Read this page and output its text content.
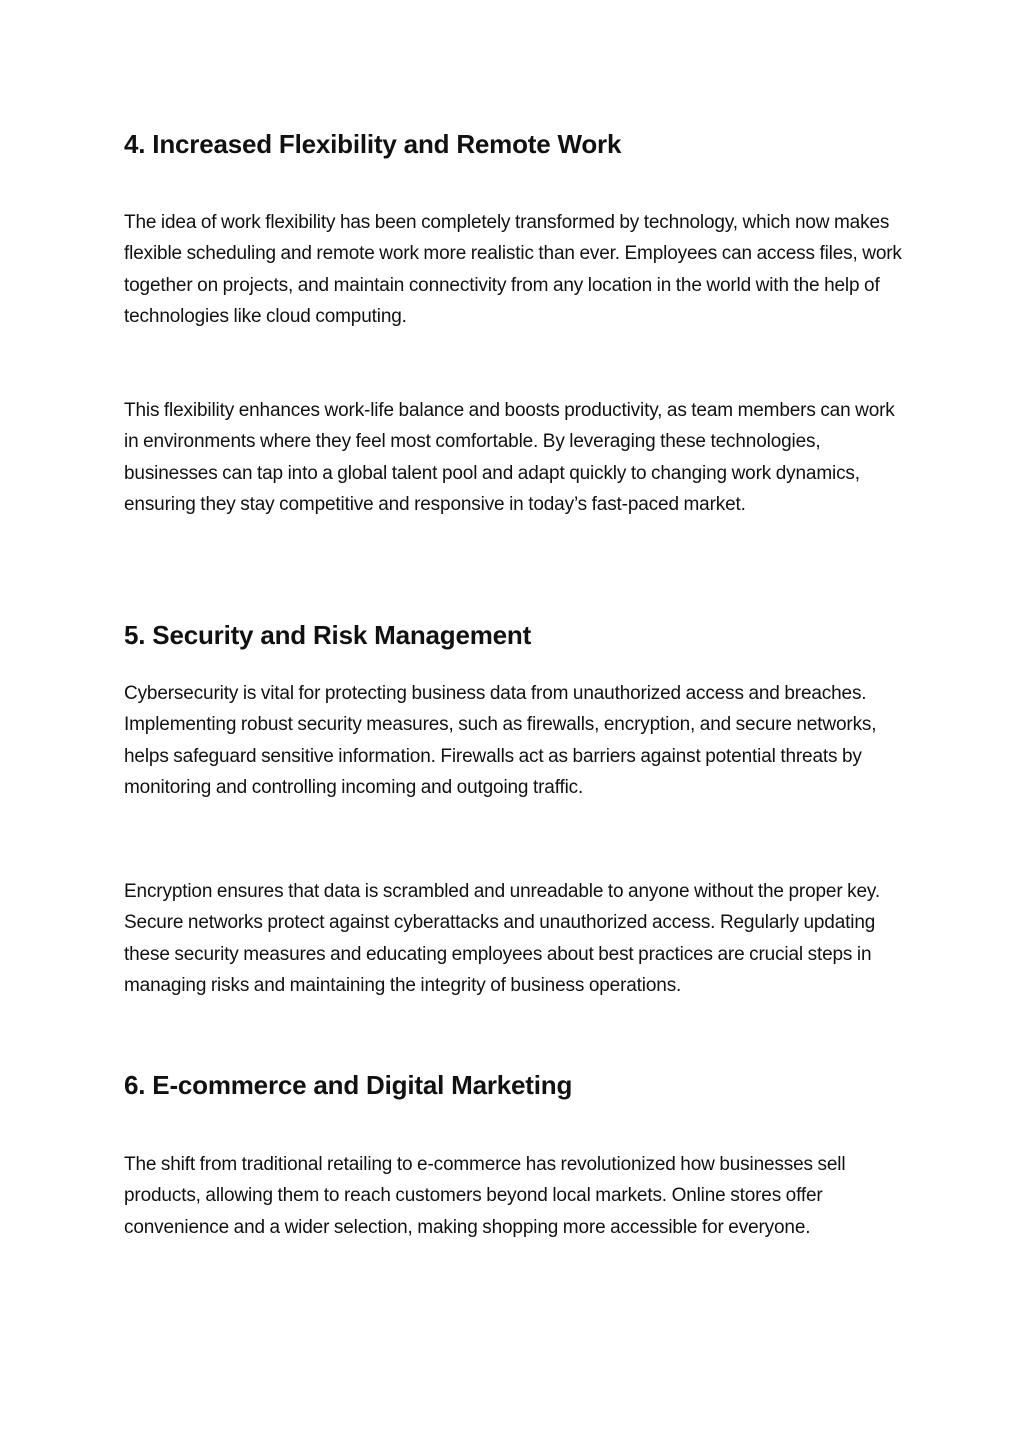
4. Increased Flexibility and Remote Work

The idea of work flexibility has been completely transformed by technology, which now makes flexible scheduling and remote work more realistic than ever. Employees can access files, work together on projects, and maintain connectivity from any location in the world with the help of technologies like cloud computing.

This flexibility enhances work-life balance and boosts productivity, as team members can work in environments where they feel most comfortable. By leveraging these technologies, businesses can tap into a global talent pool and adapt quickly to changing work dynamics, ensuring they stay competitive and responsive in today’s fast-paced market.

5. Security and Risk Management

Cybersecurity is vital for protecting business data from unauthorized access and breaches. Implementing robust security measures, such as firewalls, encryption, and secure networks, helps safeguard sensitive information. Firewalls act as barriers against potential threats by monitoring and controlling incoming and outgoing traffic.

Encryption ensures that data is scrambled and unreadable to anyone without the proper key. Secure networks protect against cyberattacks and unauthorized access. Regularly updating these security measures and educating employees about best practices are crucial steps in managing risks and maintaining the integrity of business operations.

6. E-commerce and Digital Marketing

The shift from traditional retailing to e-commerce has revolutionized how businesses sell products, allowing them to reach customers beyond local markets. Online stores offer convenience and a wider selection, making shopping more accessible for everyone.
